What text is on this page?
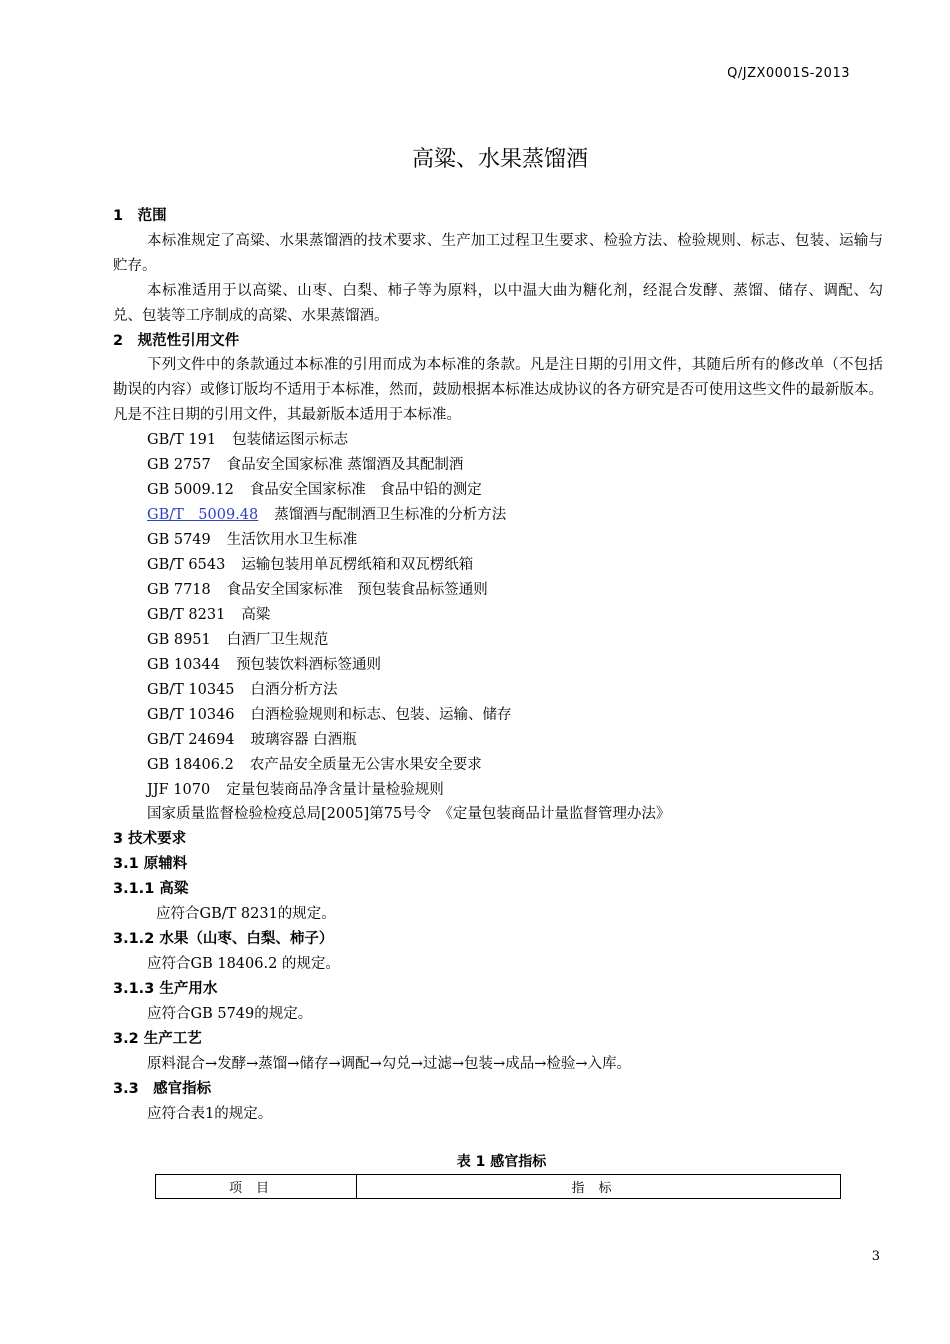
Q/JZX0001S-2013
高粱、水果蒸馏酒
1　范围
本标准规定了高粱、水果蒸馏酒的技术要求、生产加工过程卫生要求、检验方法、检验规则、标志、包装、运输与贮存。
本标准适用于以高粱、山枣、白梨、柿子等为原料，以中温大曲为糖化剂，经混合发酵、蒸馏、储存、调配、勾兑、包装等工序制成的高粱、水果蒸馏酒。
2　规范性引用文件
下列文件中的条款通过本标准的引用而成为本标准的条款。凡是注日期的引用文件，其随后所有的修改单（不包括勘误的内容）或修订版均不适用于本标准，然而，鼓励根据本标准达成协议的各方研究是否可使用这些文件的最新版本。凡是不注日期的引用文件，其最新版本适用于本标准。
GB/T 191 包装储运图示标志
GB 2757 食品安全国家标准 蒸馏酒及其配制酒
GB 5009.12 食品安全国家标准　食品中铅的测定
GB/T　5009.48 蒸馏酒与配制酒卫生标准的分析方法
GB 5749 生活饮用水卫生标准
GB/T 6543 运输包装用单瓦楞纸箱和双瓦楞纸箱
GB 7718 食品安全国家标准　预包装食品标签通则
GB/T 8231 高粱
GB 8951 白酒厂卫生规范
GB 10344 预包装饮料酒标签通则
GB/T 10345 白酒分析方法
GB/T 10346 白酒检验规则和标志、包装、运输、储存
GB/T 24694 玻璃容器 白酒瓶
GB 18406.2 农产品安全质量无公害水果安全要求
JJF 1070 定量包装商品净含量计量检验规则
国家质量监督检验检疫总局[2005]第75号令　《定量包装商品计量监督管理办法》
3 技术要求
3.1 原辅料
3.1.1 高粱
应符合GB/T 8231的规定。
3.1.2 水果（山枣、白梨、柿子）
应符合GB 18406.2 的规定。
3.1.3 生产用水
应符合GB 5749的规定。
3.2 生产工艺
原料混合→发酵→蒸馏→储存→调配→勾兑→过滤→包装→成品→检验→入库。
3.3　感官指标
应符合表1的规定。
表 1 感官指标
项目	指标
3
